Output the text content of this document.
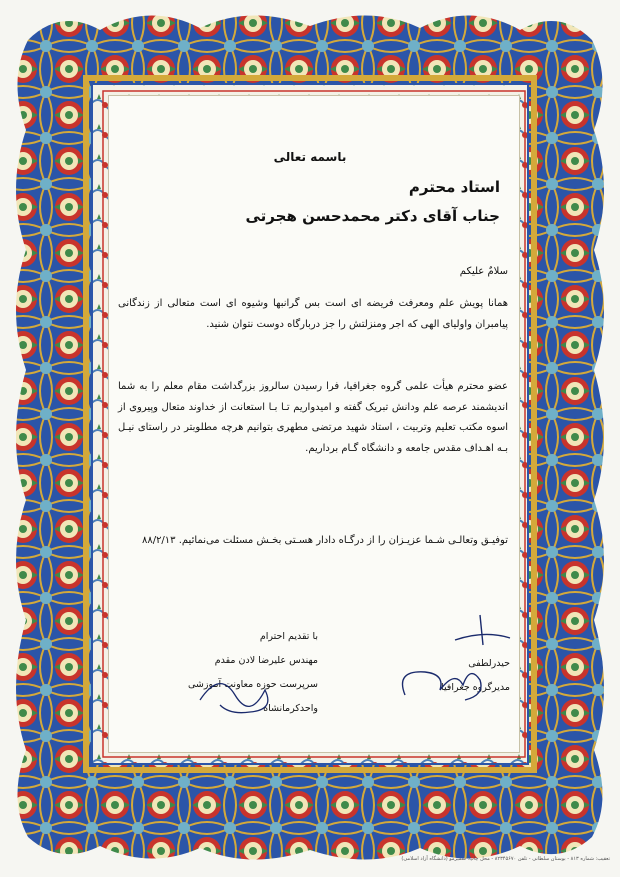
باسمه تعالی
استاد محترم
جناب آقای دکتر محمدحسن هجرتی
سلامٌ علیکم
همانا پویش علم ومعرفت فریضه ای است بس گرانبها وشیوه ای است متعالی از زندگانی پیامبران واولیای الهی که اجر ومنزلتش را جز دربارگاه دوست نتوان شنید.
عضو محترم هیأت علمی گروه جغرافیا، فرا رسیدن سالروز بزرگداشت مقام معلم را به شما اندیشمند عرصه علم ودانش تبریک گفته و امیدواریم تـا بـا استعانت از خداوند متعال وپیروی از اسوه مکتب تعلیم وتربیت ، استاد شهید مرتضی مطهری بتوانیم هرچه مطلوبتر در راستای نیـل بـه اهـداف مقدس جامعه و دانشگاه گـام برداریم.
توفیـق وتعالـی شـما عزیـزان را از درگـاه دادار هسـتی بخـش مسئلت می‌نمائیم. ۸۸/۲/۱۳
با تقدیم احترام
مهندس علیرضا لادن مقدم
سرپرست حوزه معاونت آموزشی واحدکرمانشاه
حیدرلطفی
مدیرگروه جغرافیا
تعقیب: شماره ۸۱۳ - بوستان سلطانی - تلفن ۸۲۳۴۵۶۷۰ - محل چاپ: سمیرمو (دانشگاه آزاد اسلامی)
